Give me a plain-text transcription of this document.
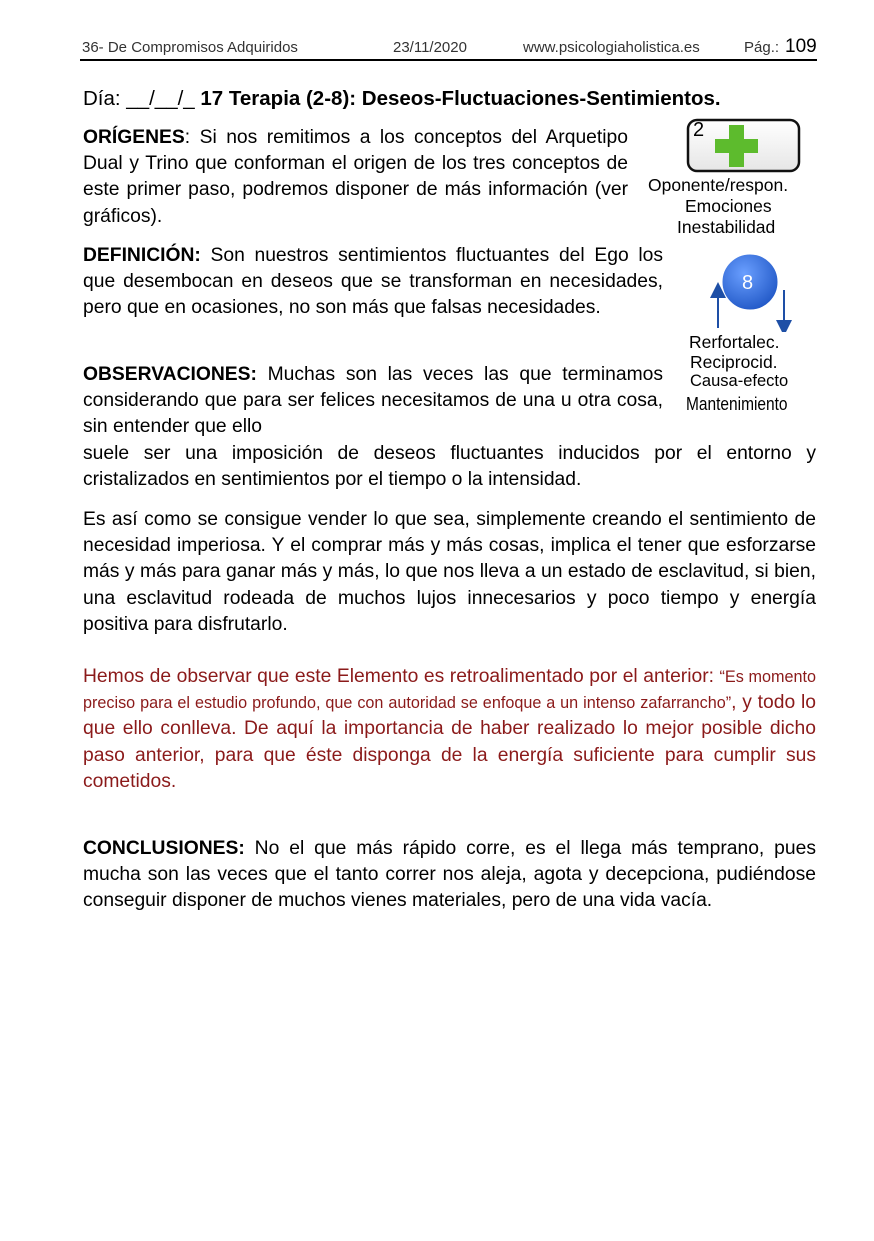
36- De Compromisos Adquiridos	23/11/2020	www.psicologiaholistica.es	Pág.: 109
Día: __/__/_ 17 Terapia (2-8): Deseos-Fluctuaciones-Sentimientos.
2
Oponente/respon.
Emociones
Inestabilidad
8
Rerfortalec.
Reciprocid.
Causa-efecto
Mantenimiento

ORÍGENES: Si nos remitimos a los conceptos del Arquetipo Dual y Trino que conforman el origen de los tres conceptos de este primer paso, podremos disponer de más información (ver gráficos).

DEFINICIÓN: Son nuestros sentimientos fluctuantes del Ego los que desembocan en deseos que se transforman en necesidades, pero que en ocasiones, no son más que falsas necesidades.

OBSERVACIONES: Muchas son las veces las que terminamos considerando que para ser felices necesitamos de una u otra cosa, sin entender que ello

suele ser una imposición de deseos fluctuantes inducidos por el entorno y cristalizados en sentimientos por el tiempo o la intensidad.

Es así como se consigue vender lo que sea, simplemente creando el sentimiento de necesidad imperiosa. Y el comprar más y más cosas, implica el tener que esforzarse más y más para ganar más y más, lo que nos lleva a un estado de esclavitud, si bien, una esclavitud rodeada de muchos lujos innecesarios y poco tiempo y energía positiva para disfrutarlo.

Hemos de observar que este Elemento es retroalimentado por el anterior: “Es momento preciso para el estudio profundo, que con autoridad se enfoque a un intenso zafarrancho”, y todo lo que ello conlleva. De aquí la importancia de haber realizado lo mejor posible dicho paso anterior, para que éste disponga de la energía suficiente para cumplir sus cometidos.

CONCLUSIONES: No el que más rápido corre, es el llega más temprano, pues mucha son las veces que el tanto correr nos aleja, agota y decepciona, pudiéndose conseguir disponer de muchos vienes materiales, pero de una vida vacía.
